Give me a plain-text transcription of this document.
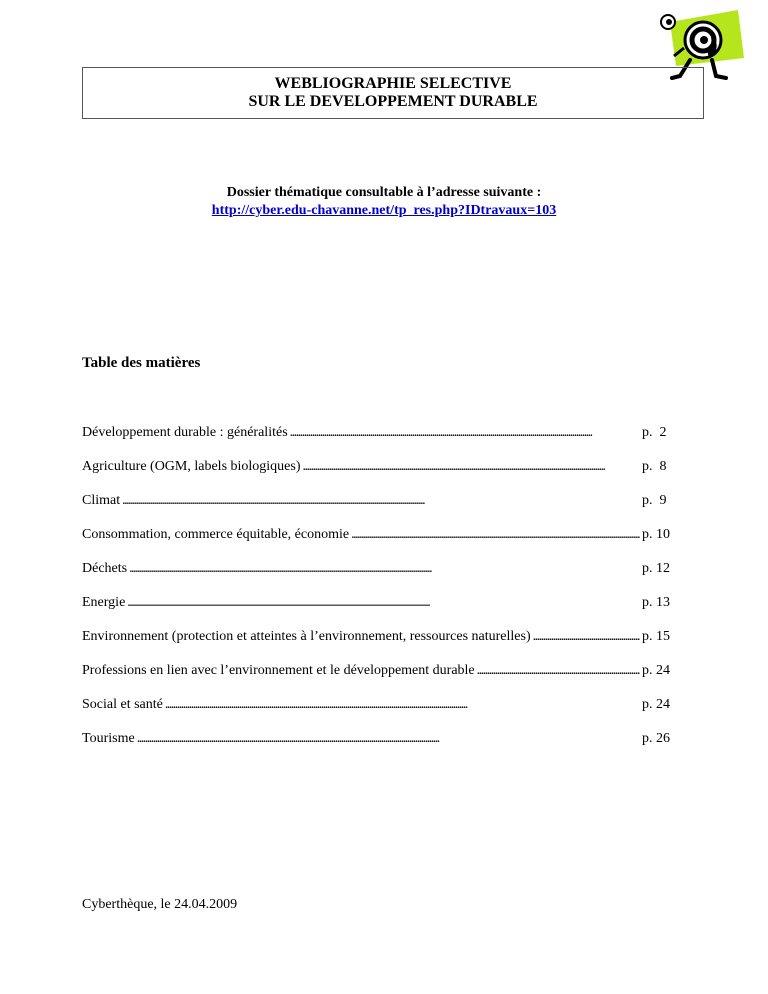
WEBLIOGRAPHIE SELECTIVE
SUR LE DEVELOPPEMENT DURABLE
Dossier thématique consultable à l’adresse suivante :
http://cyber.edu-chavanne.net/tp_res.php?IDtravaux=103
Table des matières
Développement durable : généralités . . .	p.  2
Agriculture (OGM, labels biologiques) . . .	p.  8
Climat . . .	p.  9
Consommation, commerce équitable, économie . . .	p. 10
Déchets . . .	p. 12
Energie . . .	p. 13
Environnement (protection et atteintes à l’environnement, ressources naturelles) . . .	p. 15
Professions en lien avec l’environnement et le développement durable . . .	p. 24
Social et santé . . .	p. 24
Tourisme . . .	p. 26
Cyberthèque, le 24.04.2009
